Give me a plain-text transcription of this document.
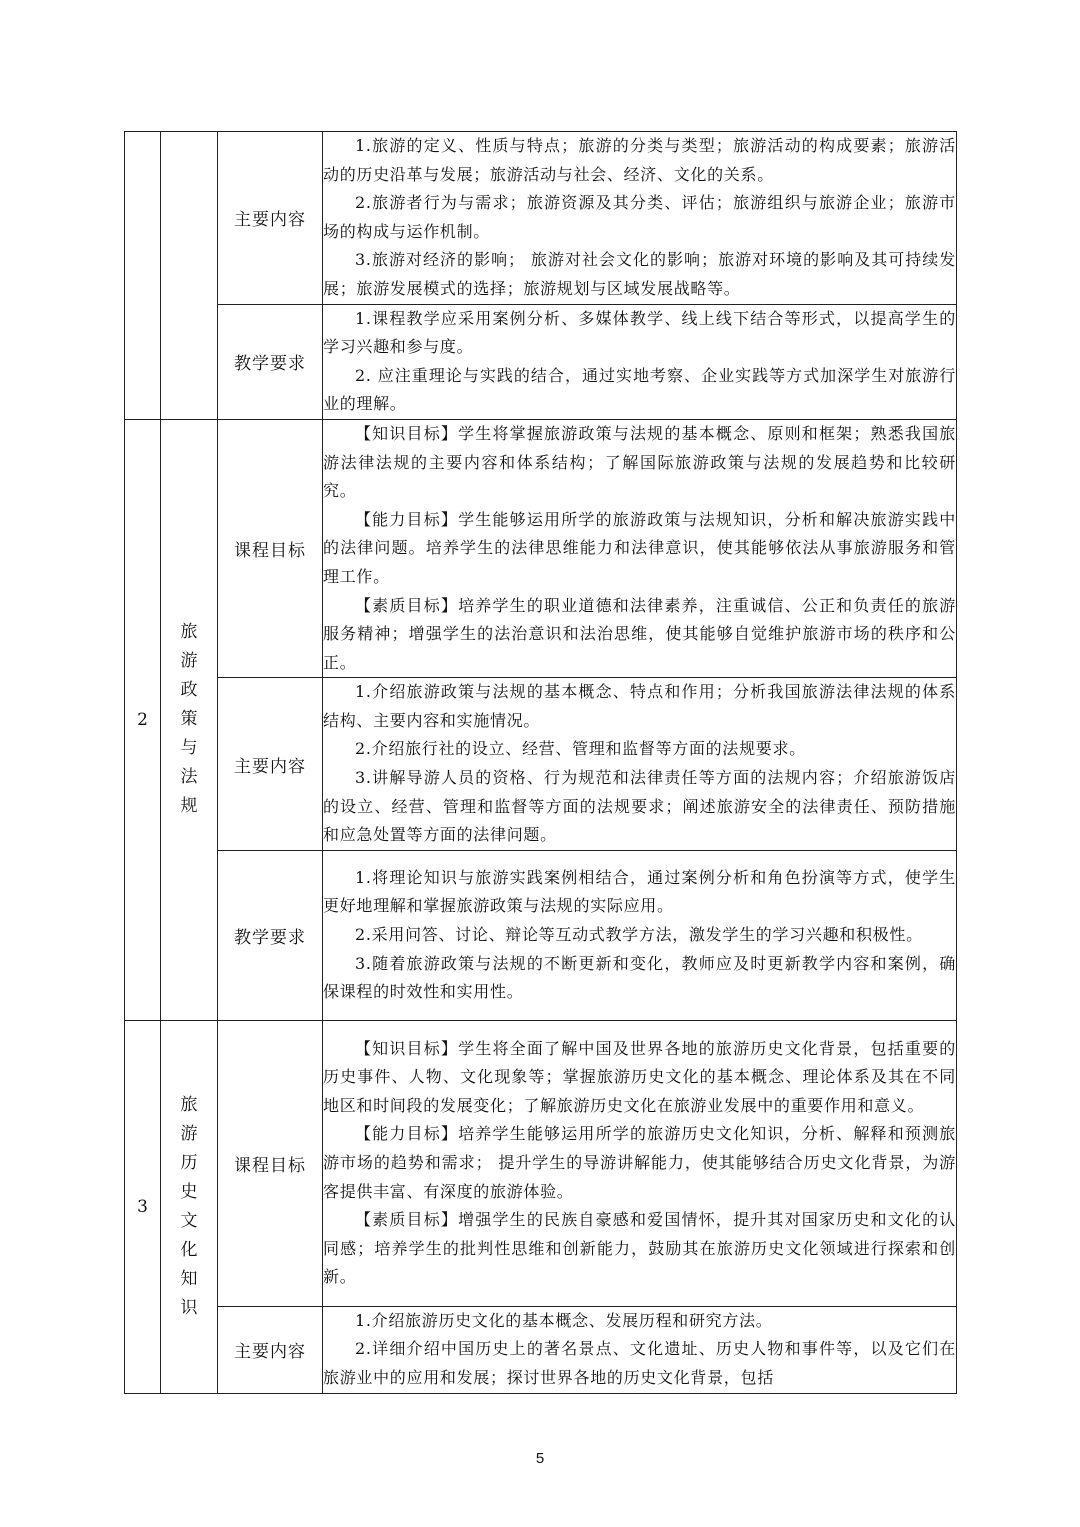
		主要内容	1.旅游的定义、性质与特点；旅游的分类与类型；旅游活动的构成要素；旅游活动的历史沿革与发展；旅游活动与社会、经济、文化的关系。

2.旅游者行为与需求；旅游资源及其分类、评估；旅游组织与旅游企业；旅游市场的构成与运作机制。

3.旅游对经济的影响； 旅游对社会文化的影响；旅游对环境的影响及其可持续发展；旅游发展模式的选择；旅游规划与区域发展战略等。

		教学要求	1.课程教学应采用案例分析、多媒体教学、线上线下结合等形式，以提高学生的学习兴趣和参与度。

2. 应注重理论与实践的结合，通过实地考察、企业实践等方式加深学生对旅游行业的理解。

2	旅游政策与法规	课程目标	【知识目标】学生将掌握旅游政策与法规的基本概念、原则和框架；熟悉我国旅游法律法规的主要内容和体系结构；了解国际旅游政策与法规的发展趋势和比较研究。

【能力目标】学生能够运用所学的旅游政策与法规知识，分析和解决旅游实践中的法律问题。培养学生的法律思维能力和法律意识，使其能够依法从事旅游服务和管理工作。

【素质目标】培养学生的职业道德和法律素养，注重诚信、公正和负责任的旅游服务精神；增强学生的法治意识和法治思维，使其能够自觉维护旅游市场的秩序和公正。

		主要内容	1.介绍旅游政策与法规的基本概念、特点和作用；分析我国旅游法律法规的体系结构、主要内容和实施情况。

2.介绍旅行社的设立、经营、管理和监督等方面的法规要求。

3.讲解导游人员的资格、行为规范和法律责任等方面的法规内容；介绍旅游饭店的设立、经营、管理和监督等方面的法规要求；阐述旅游安全的法律责任、预防措施和应急处置等方面的法律问题。

		教学要求	1.将理论知识与旅游实践案例相结合，通过案例分析和角色扮演等方式，使学生更好地理解和掌握旅游政策与法规的实际应用。

2.采用问答、讨论、辩论等互动式教学方法，激发学生的学习兴趣和积极性。

3.随着旅游政策与法规的不断更新和变化，教师应及时更新教学内容和案例，确保课程的时效性和实用性。

3	旅游历史文化知识	课程目标	【知识目标】学生将全面了解中国及世界各地的旅游历史文化背景，包括重要的历史事件、人物、文化现象等；掌握旅游历史文化的基本概念、理论体系及其在不同地区和时间段的发展变化；了解旅游历史文化在旅游业发展中的重要作用和意义。

【能力目标】培养学生能够运用所学的旅游历史文化知识，分析、解释和预测旅游市场的趋势和需求； 提升学生的导游讲解能力，使其能够结合历史文化背景，为游客提供丰富、有深度的旅游体验。

【素质目标】增强学生的民族自豪感和爱国情怀，提升其对国家历史和文化的认同感；培养学生的批判性思维和创新能力，鼓励其在旅游历史文化领域进行探索和创新。

		主要内容	1.介绍旅游历史文化的基本概念、发展历程和研究方法。

2.详细介绍中国历史上的著名景点、文化遗址、历史人物和事件等，以及它们在旅游业中的应用和发展；探讨世界各地的历史文化背景，包括

5
